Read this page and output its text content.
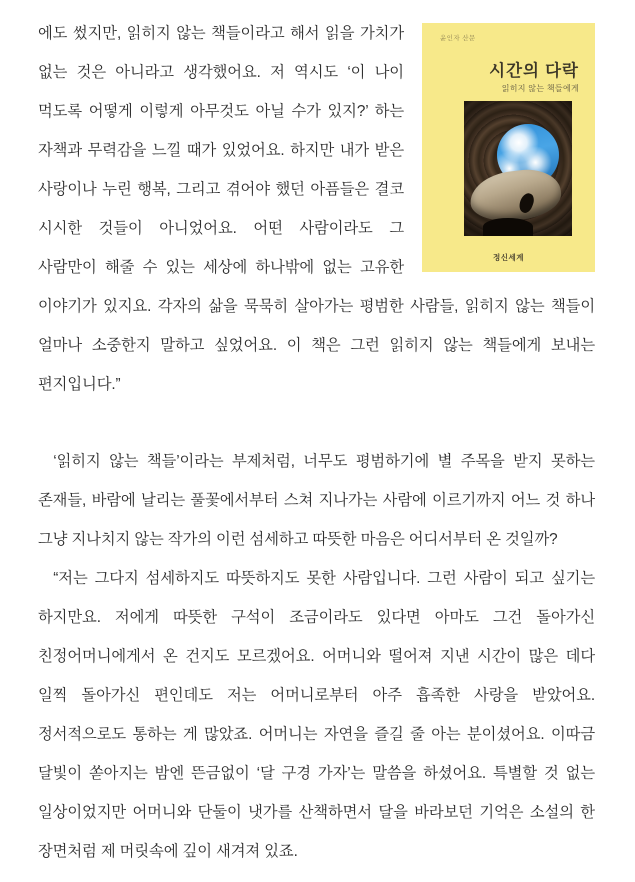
윤인자 산문
시간의 다락
읽히지 않는 책들에게
정신세계

에도 썼지만, 읽히지 않는 책들이라고 해서 읽을 가치가 없는 것은 아니라고 생각했어요. 저 역시도 ‘이 나이 먹도록 어떻게 이렇게 아무것도 아닐 수가 있지?’ 하는 자책과 무력감을 느낄 때가 있었어요. 하지만 내가 받은 사랑이나 누린 행복, 그리고 겪어야 했던 아픔들은 결코 시시한 것들이 아니었어요. 어떤 사람이라도 그 사람만이 해줄 수 있는 세상에 하나밖에 없는 고유한 이야기가 있지요. 각자의 삶을 묵묵히 살아가는 평범한 사람들, 읽히지 않는 책들이 얼마나 소중한지 말하고 싶었어요. 이 책은 그런 읽히지 않는 책들에게 보내는 편지입니다.”

‘읽히지 않는 책들’이라는 부제처럼, 너무도 평범하기에 별 주목을 받지 못하는 존재들, 바람에 날리는 풀꽃에서부터 스쳐 지나가는 사람에 이르기까지 어느 것 하나 그냥 지나치지 않는 작가의 이런 섬세하고 따뜻한 마음은 어디서부터 온 것일까?

“저는 그다지 섬세하지도 따뜻하지도 못한 사람입니다. 그런 사람이 되고 싶기는 하지만요. 저에게 따뜻한 구석이 조금이라도 있다면 아마도 그건 돌아가신 친정어머니에게서 온 건지도 모르겠어요. 어머니와 떨어져 지낸 시간이 많은 데다 일찍 돌아가신 편인데도 저는 어머니로부터 아주 흡족한 사랑을 받았어요. 정서적으로도 통하는 게 많았죠. 어머니는 자연을 즐길 줄 아는 분이셨어요. 이따금 달빛이 쏟아지는 밤엔 뜬금없이 ‘달 구경 가자’는 말씀을 하셨어요. 특별할 것 없는 일상이었지만 어머니와 단둘이 냇가를 산책하면서 달을 바라보던 기억은 소설의 한 장면처럼 제 머릿속에 깊이 새겨져 있죠.
